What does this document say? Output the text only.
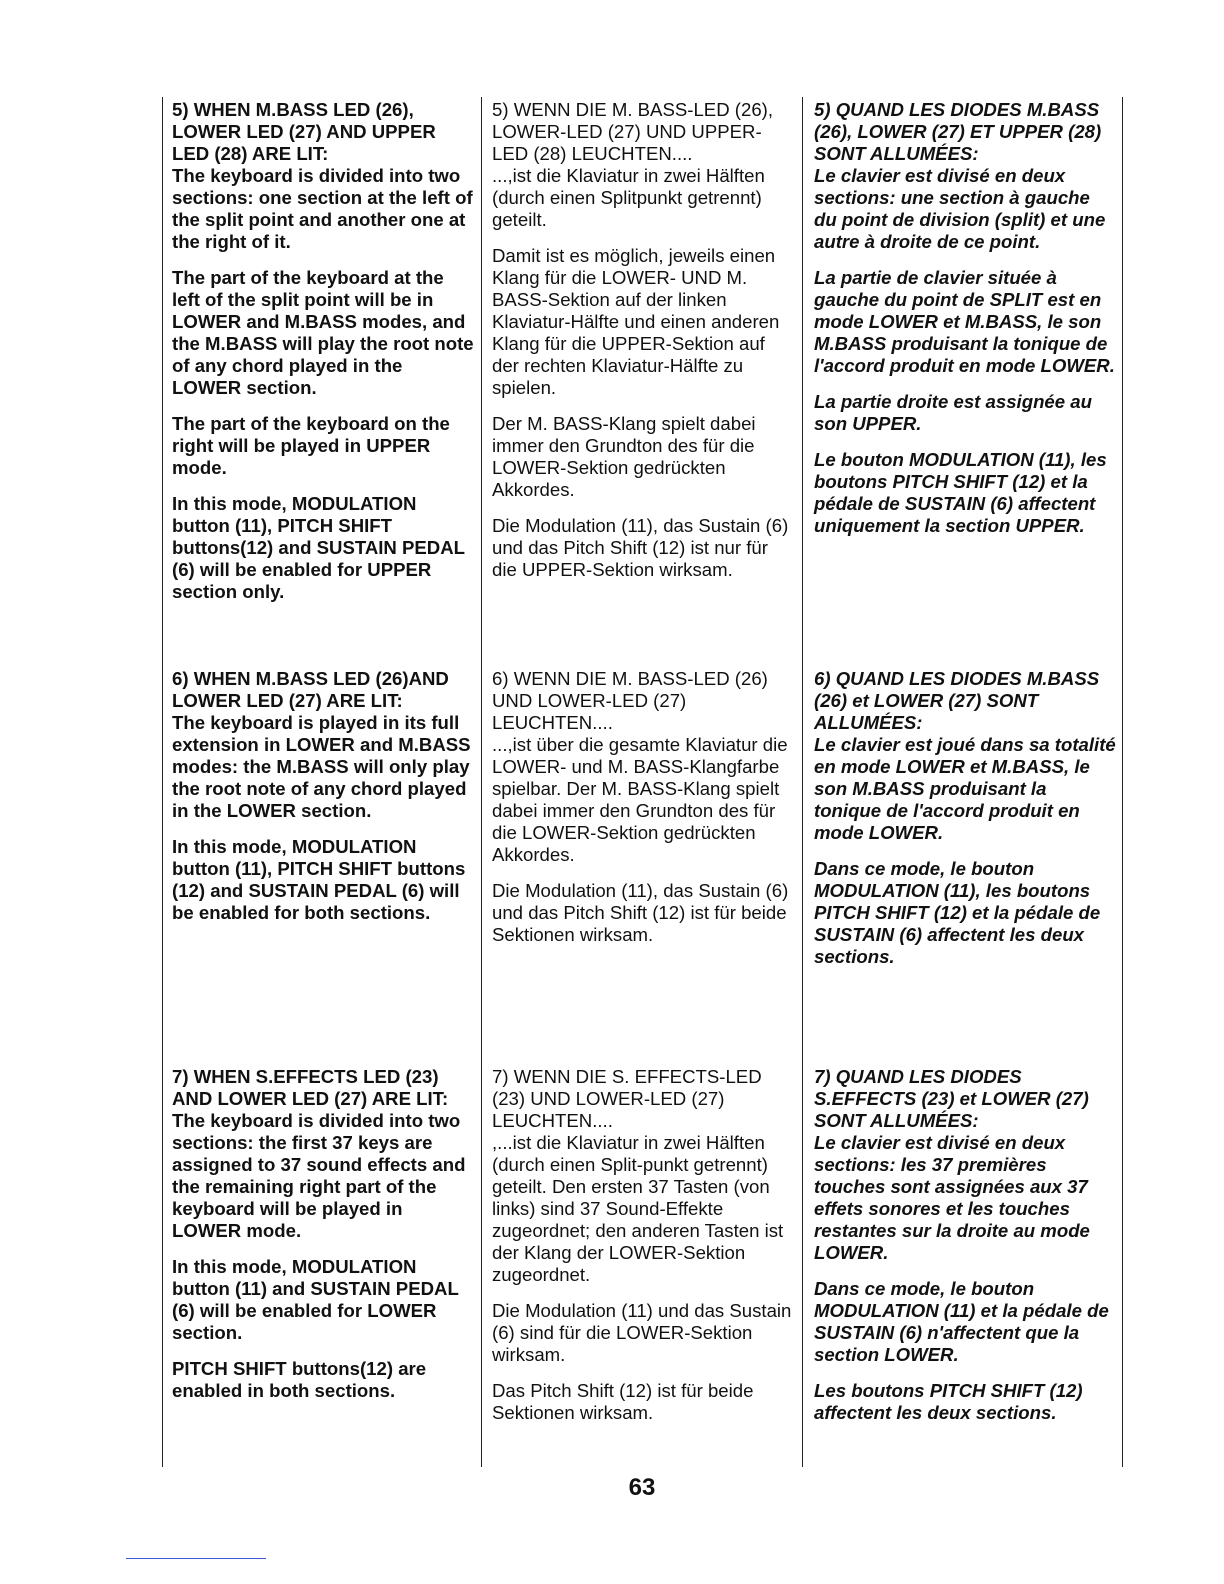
5) WHEN M.BASS LED (26), LOWER LED (27) AND UPPER LED (28) ARE LIT:

The keyboard is divided into two sections: one section at the left of the split point and another one at the right of it.

The part of the keyboard at the left of the split point will be in LOWER and M.BASS modes, and the M.BASS will play the root note of any chord played in the LOWER section.

The part of the keyboard on the right will be played in UPPER mode.

In this mode, MODULATION button (11), PITCH SHIFT buttons(12) and SUSTAIN PEDAL (6) will be enabled for UPPER section only.

5) WENN DIE M. BASS-LED (26), LOWER-LED (27) UND UPPER-LED (28) LEUCHTEN....

...,ist die Klaviatur in zwei Hälften (durch einen Splitpunkt getrennt) geteilt.

Damit ist es möglich, jeweils einen Klang für die LOWER- UND M. BASS-Sektion auf der linken Klaviatur-Hälfte und einen anderen Klang für die UPPER-Sektion auf der rechten Klaviatur-Hälfte zu spielen.

Der M. BASS-Klang spielt dabei immer den Grundton des für die LOWER-Sektion gedrückten Akkordes.

Die Modulation (11), das Sustain (6) und das Pitch Shift (12) ist nur für die UPPER-Sektion wirksam.

5) QUAND LES DIODES M.BASS (26), LOWER (27) ET UPPER (28) SONT ALLUMÉES:

Le clavier est divisé en deux sections: une section à gauche du point de division (split) et une autre à droite de ce point.

La partie de clavier située à gauche du point de SPLIT est en mode LOWER et M.BASS, le son M.BASS produisant la tonique de l'accord produit en mode LOWER.

La partie droite est assignée au son UPPER.

Le bouton MODULATION (11), les boutons PITCH SHIFT (12) et la pédale de SUSTAIN (6) affectent uniquement la section UPPER.

6) WHEN M.BASS LED (26)AND LOWER LED (27) ARE LIT:

The keyboard is played in its full extension in LOWER and M.BASS modes: the M.BASS will only play the root note of any chord played in the LOWER section.

In this mode, MODULATION button (11), PITCH SHIFT buttons (12) and SUSTAIN PEDAL (6) will be enabled for both sections.

6) WENN DIE M. BASS-LED (26) UND LOWER-LED (27) LEUCHTEN....

...,ist über die gesamte Klaviatur die LOWER- und M. BASS-Klangfarbe spielbar. Der M. BASS-Klang spielt dabei immer den Grundton des für die LOWER-Sektion gedrückten Akkordes.

Die Modulation (11), das Sustain (6) und das Pitch Shift (12) ist für beide Sektionen wirksam.

6) QUAND LES DIODES M.BASS (26) et LOWER (27) SONT ALLUMÉES:

Le clavier est joué dans sa totalité en mode LOWER et M.BASS, le son M.BASS produisant la tonique de l'accord produit en mode LOWER.

Dans ce mode, le bouton MODULATION (11), les boutons PITCH SHIFT (12) et la pédale de SUSTAIN (6) affectent les deux sections.

7) WHEN S.EFFECTS LED (23) AND LOWER LED (27) ARE LIT:

The keyboard is divided into two sections: the first 37 keys are assigned to 37 sound effects and the remaining right part of the keyboard will be played in LOWER mode.

In this mode, MODULATION button (11) and SUSTAIN PEDAL (6) will be enabled for LOWER section.

PITCH SHIFT buttons(12) are enabled in both sections.

7) WENN DIE S. EFFECTS-LED (23) UND LOWER-LED (27) LEUCHTEN....

,...ist die Klaviatur in zwei Hälften (durch einen Split-punkt getrennt) geteilt. Den ersten 37 Tasten (von links) sind 37 Sound-Effekte zugeordnet; den anderen Tasten ist der Klang der LOWER-Sektion zugeordnet.

Die Modulation (11) und das Sustain (6) sind für die LOWER-Sektion wirksam.

Das Pitch Shift (12) ist für beide Sektionen wirksam.

7) QUAND LES DIODES S.EFFECTS (23) et LOWER (27) SONT ALLUMÉES:

Le clavier est divisé en deux sections: les 37 premières touches sont assignées aux 37 effets sonores et les touches restantes sur la droite au mode LOWER.

Dans ce mode, le bouton MODULATION (11) et la pédale de SUSTAIN (6) n'affectent que la section LOWER.

Les boutons PITCH SHIFT (12) affectent les deux sections.

63
